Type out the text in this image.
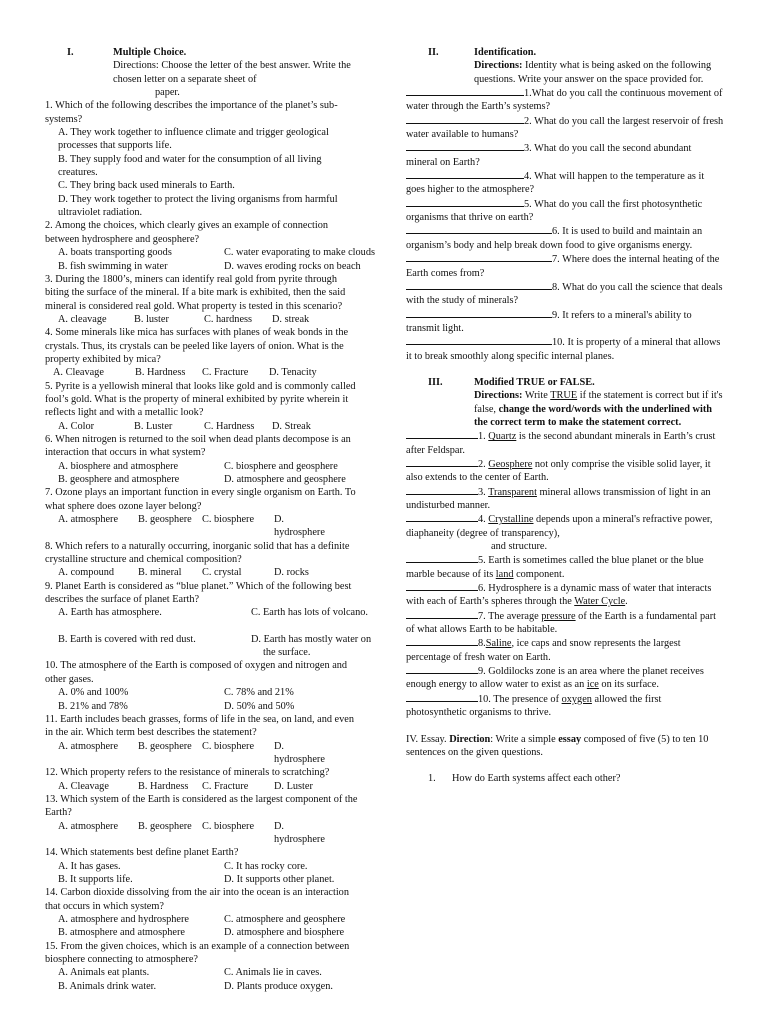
I.	Multiple Choice.

Directions: Choose the letter of the best answer. Write the chosen letter on a separate sheet of

paper.

1. Which of the following describes the importance of the planet’s sub-systems?

A. They work together to influence climate and trigger geological processes that supports life.

B. They supply food and water for the consumption of all living creatures.

C. They bring back used minerals to Earth.

D. They work together to protect the living organisms from harmful ultraviolet radiation.

2. Among the choices, which clearly gives an example of connection between hydrosphere and geosphere?

A. boats transporting goods	C. water evaporating to make clouds
B. fish swimming in water	D. waves eroding rocks on beach

3. During the 1800’s, miners can identify real gold from pyrite through biting the surface of the mineral. If a bite mark is exhibited, then the said mineral is considered real gold. What property is tested in this scenario?

A. cleavage	B. luster	C. hardness	D. streak

4. Some minerals like mica has surfaces with planes of weak bonds in the crystals. Thus, its crystals can be peeled like layers of onion. What is the property exhibited by mica?

A. Cleavage	B. Hardness	C. Fracture	D. Tenacity

5. Pyrite is a yellowish mineral that looks like gold and is commonly called fool’s gold. What is the property of mineral exhibited by pyrite wherein it reflects light and with a metallic look?

A. Color	B. Luster	C. Hardness	D. Streak

6. When nitrogen is returned to the soil when dead plants decompose is an interaction that occurs in what system?

A. biosphere and atmosphere	C. biosphere and geosphere
B. geosphere and atmosphere	D. atmosphere and geosphere

7. Ozone plays an important function in every single organism on Earth. To what sphere does ozone layer belong?

A. atmosphere	B. geosphere C. biosphere	D. hydrosphere

8. Which refers to a naturally occurring, inorganic solid that has a definite crystalline structure and chemical composition?

A. compound	B. mineral	C. crystal	D. rocks

9. Planet Earth is considered as “blue planet.” Which of the following best describes the surface of planet Earth?

A. Earth has atmosphere.	C. Earth has lots of volcano.
B. Earth is covered with red dust.	D. Earth has mostly water on
the surface.

10. The atmosphere of the Earth is composed of oxygen and nitrogen and other gases.

A. 0% and 100%	C. 78% and 21%
B. 21% and 78%	D. 50% and 50%

11. Earth includes beach grasses, forms of life in the sea, on land, and even in the air. Which term best describes the statement?

A. atmosphere	B. geosphere C. biosphere	D. hydrosphere

12. Which property refers to the resistance of minerals to scratching?

A. Cleavage	B. Hardness	C. Fracture	D. Luster

13. Which system of the Earth is considered as the largest component of the Earth?

A. atmosphere	B. geosphere C. biosphere	D. hydrosphere

14. Which statements best define planet Earth?

A. It has gases.	C. It has rocky core.
B. It supports life.	D. It supports other planet.

14. Carbon dioxide dissolving from the air into the ocean is an interaction that occurs in which system?

A. atmosphere and hydrosphere	C. atmosphere and geosphere
B. atmosphere and atmosphere	D. atmosphere and biosphere

15. From the given choices, which is an example of a connection between biosphere connecting to atmosphere?

A. Animals eat plants.	C. Animals lie in caves.
B. Animals drink water.	D. Plants produce oxygen.
II.	Identification.

Directions: Identity what is being asked on the following questions. Write your answer on the space provided for.

1.What do you call the continuous movement of water through the Earth’s systems?

2. What do you call the largest reservoir of fresh water available to humans?

3. What do you call the second abundant mineral on Earth?

4. What will happen to the temperature as it goes higher to the atmosphere?

5. What do you call the first photosynthetic organisms that thrive on earth?

6. It is used to build and maintain an organism’s body and help break down food to give organisms energy.

7. Where does the internal heating of the Earth comes from?

8. What do you call the science that deals with the study of minerals?

9. It refers to a mineral's ability to transmit light.

10. It is property of a mineral that allows it to break smoothly along specific internal planes.

III.	Modified TRUE or FALSE.

Directions: Write TRUE if the statement is correct but if it's false, change the word/words with the underlined with the correct term to make the statement correct.

1. Quartz is the second abundant minerals in Earth’s crust after Feldspar.

2. Geosphere not only comprise the visible solid layer, it also extends to the center of Earth.

3. Transparent mineral allows transmission of light in an undisturbed manner.

4. Crystalline depends upon a mineral's refractive power, diaphaneity (degree of transparency),

and structure.

5. Earth is sometimes called the blue planet or the blue marble because of its land component.

6. Hydrosphere is a dynamic mass of water that interacts with each of Earth’s spheres through the Water Cycle.

7. The average pressure of the Earth is a fundamental part of what allows Earth to be habitable.

8.Saline, ice caps and snow represents the largest percentage of fresh water on Earth.

9. Goldilocks zone is an area where the planet receives enough energy to allow water to exist as an ice on its surface.

10. The presence of oxygen allowed the first photosynthetic organisms to thrive.

IV. Essay. Direction: Write a simple essay composed of five (5) to ten 10 sentences on the given questions.

1. How do Earth systems affect each other?
